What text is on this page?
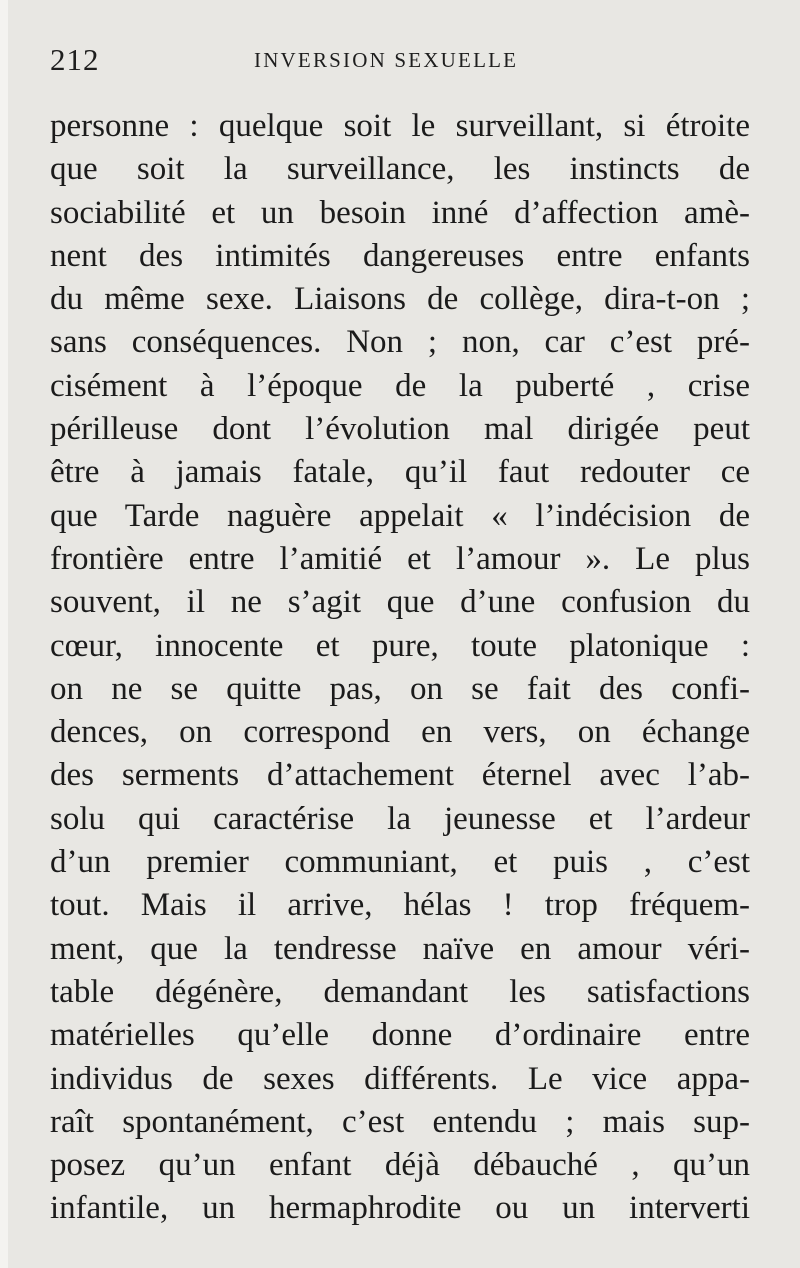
212	INVERSION SEXUELLE
personne : quelque soit le surveillant, si étroite
que soit la surveillance, les instincts de
sociabilité et un besoin inné d’affection amè-
nent des intimités dangereuses entre enfants
du même sexe. Liaisons de collège, dira-t-on ;
sans conséquences. Non ; non, car c’est pré-
cisément à l’époque de la puberté , crise
périlleuse dont l’évolution mal dirigée peut
être à jamais fatale, qu’il faut redouter ce
que Tarde naguère appelait « l’indécision de
frontière entre l’amitié et l’amour ». Le plus
souvent, il ne s’agit que d’une confusion du
cœur, innocente et pure, toute platonique :
on ne se quitte pas, on se fait des confi-
dences, on correspond en vers, on échange
des serments d’attachement éternel avec l’ab-
solu qui caractérise la jeunesse et l’ardeur
d’un premier communiant, et puis , c’est
tout. Mais il arrive, hélas ! trop fréquem-
ment, que la tendresse naïve en amour véri-
table dégénère, demandant les satisfactions
matérielles qu’elle donne d’ordinaire entre
individus de sexes différents. Le vice appa-
raît spontanément, c’est entendu ; mais sup-
posez qu’un enfant déjà débauché , qu’un
infantile, un hermaphrodite ou un interverti
